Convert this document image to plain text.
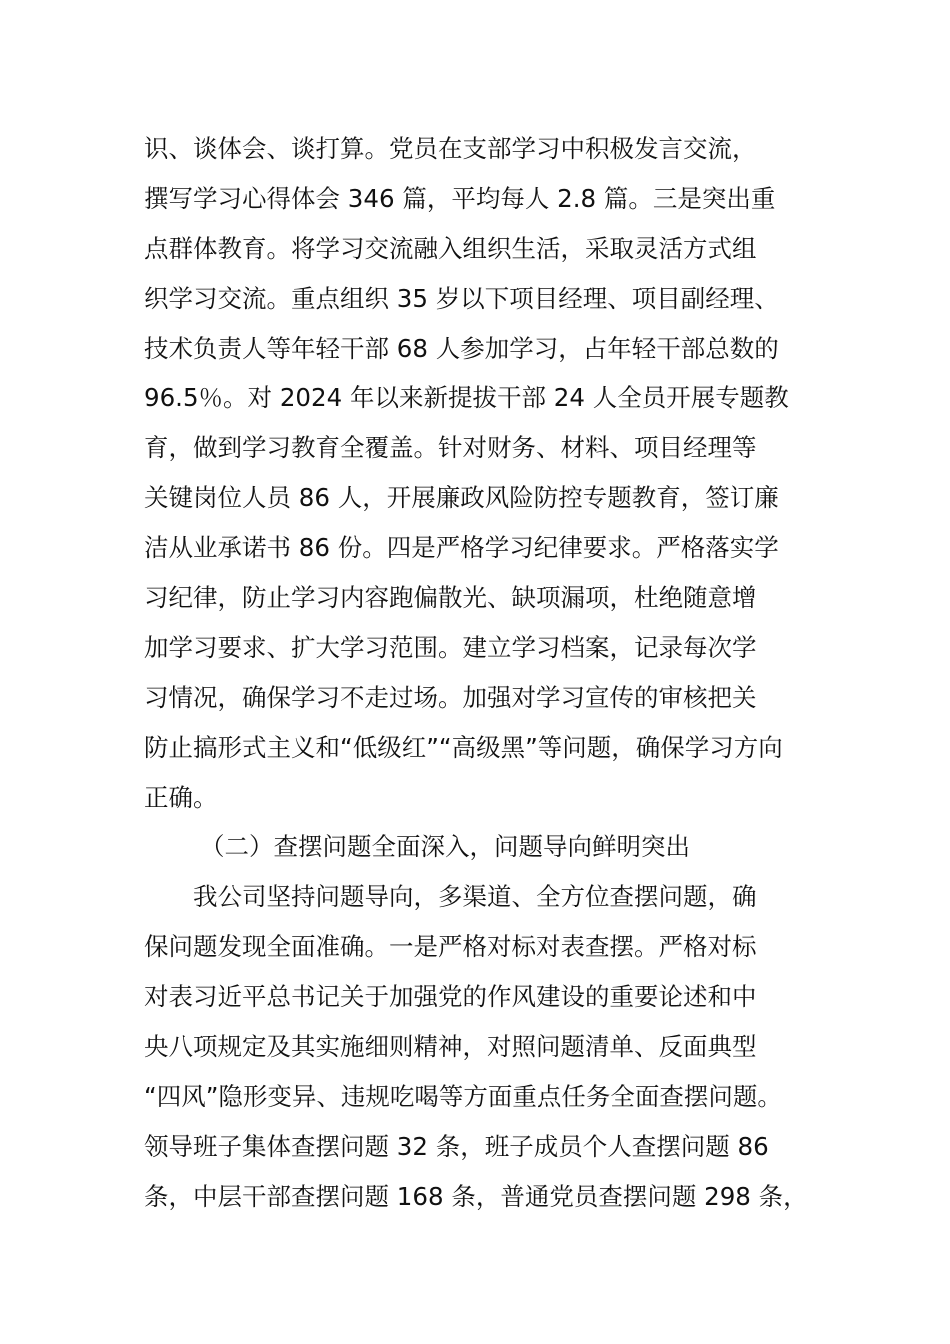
识、谈体会、谈打算。党员在支部学习中积极发言交流，
撰写学习心得体会 346 篇，平均每人 2.8 篇。三是突出重
点群体教育。将学习交流融入组织生活，采取灵活方式组
织学习交流。重点组织 35 岁以下项目经理、项目副经理、
技术负责人等年轻干部 68 人参加学习，占年轻干部总数的
96.5％。对 2024 年以来新提拔干部 24 人全员开展专题教
育，做到学习教育全覆盖。针对财务、材料、项目经理等
关键岗位人员 86 人，开展廉政风险防控专题教育，签订廉
洁从业承诺书 86 份。四是严格学习纪律要求。严格落实学
习纪律，防止学习内容跑偏散光、缺项漏项，杜绝随意增
加学习要求、扩大学习范围。建立学习档案，记录每次学
习情况，确保学习不走过场。加强对学习宣传的审核把关
防止搞形式主义和“低级红”“高级黑”等问题，确保学习方向
正确。
（二）查摆问题全面深入，问题导向鲜明突出
我公司坚持问题导向，多渠道、全方位查摆问题，确
保问题发现全面准确。一是严格对标对表查摆。严格对标
对表习近平总书记关于加强党的作风建设的重要论述和中
央八项规定及其实施细则精神，对照问题清单、反面典型
“四风”隐形变异、违规吃喝等方面重点任务全面查摆问题。
领导班子集体查摆问题 32 条，班子成员个人查摆问题 86
条，中层干部查摆问题 168 条，普通党员查摆问题 298 条，
